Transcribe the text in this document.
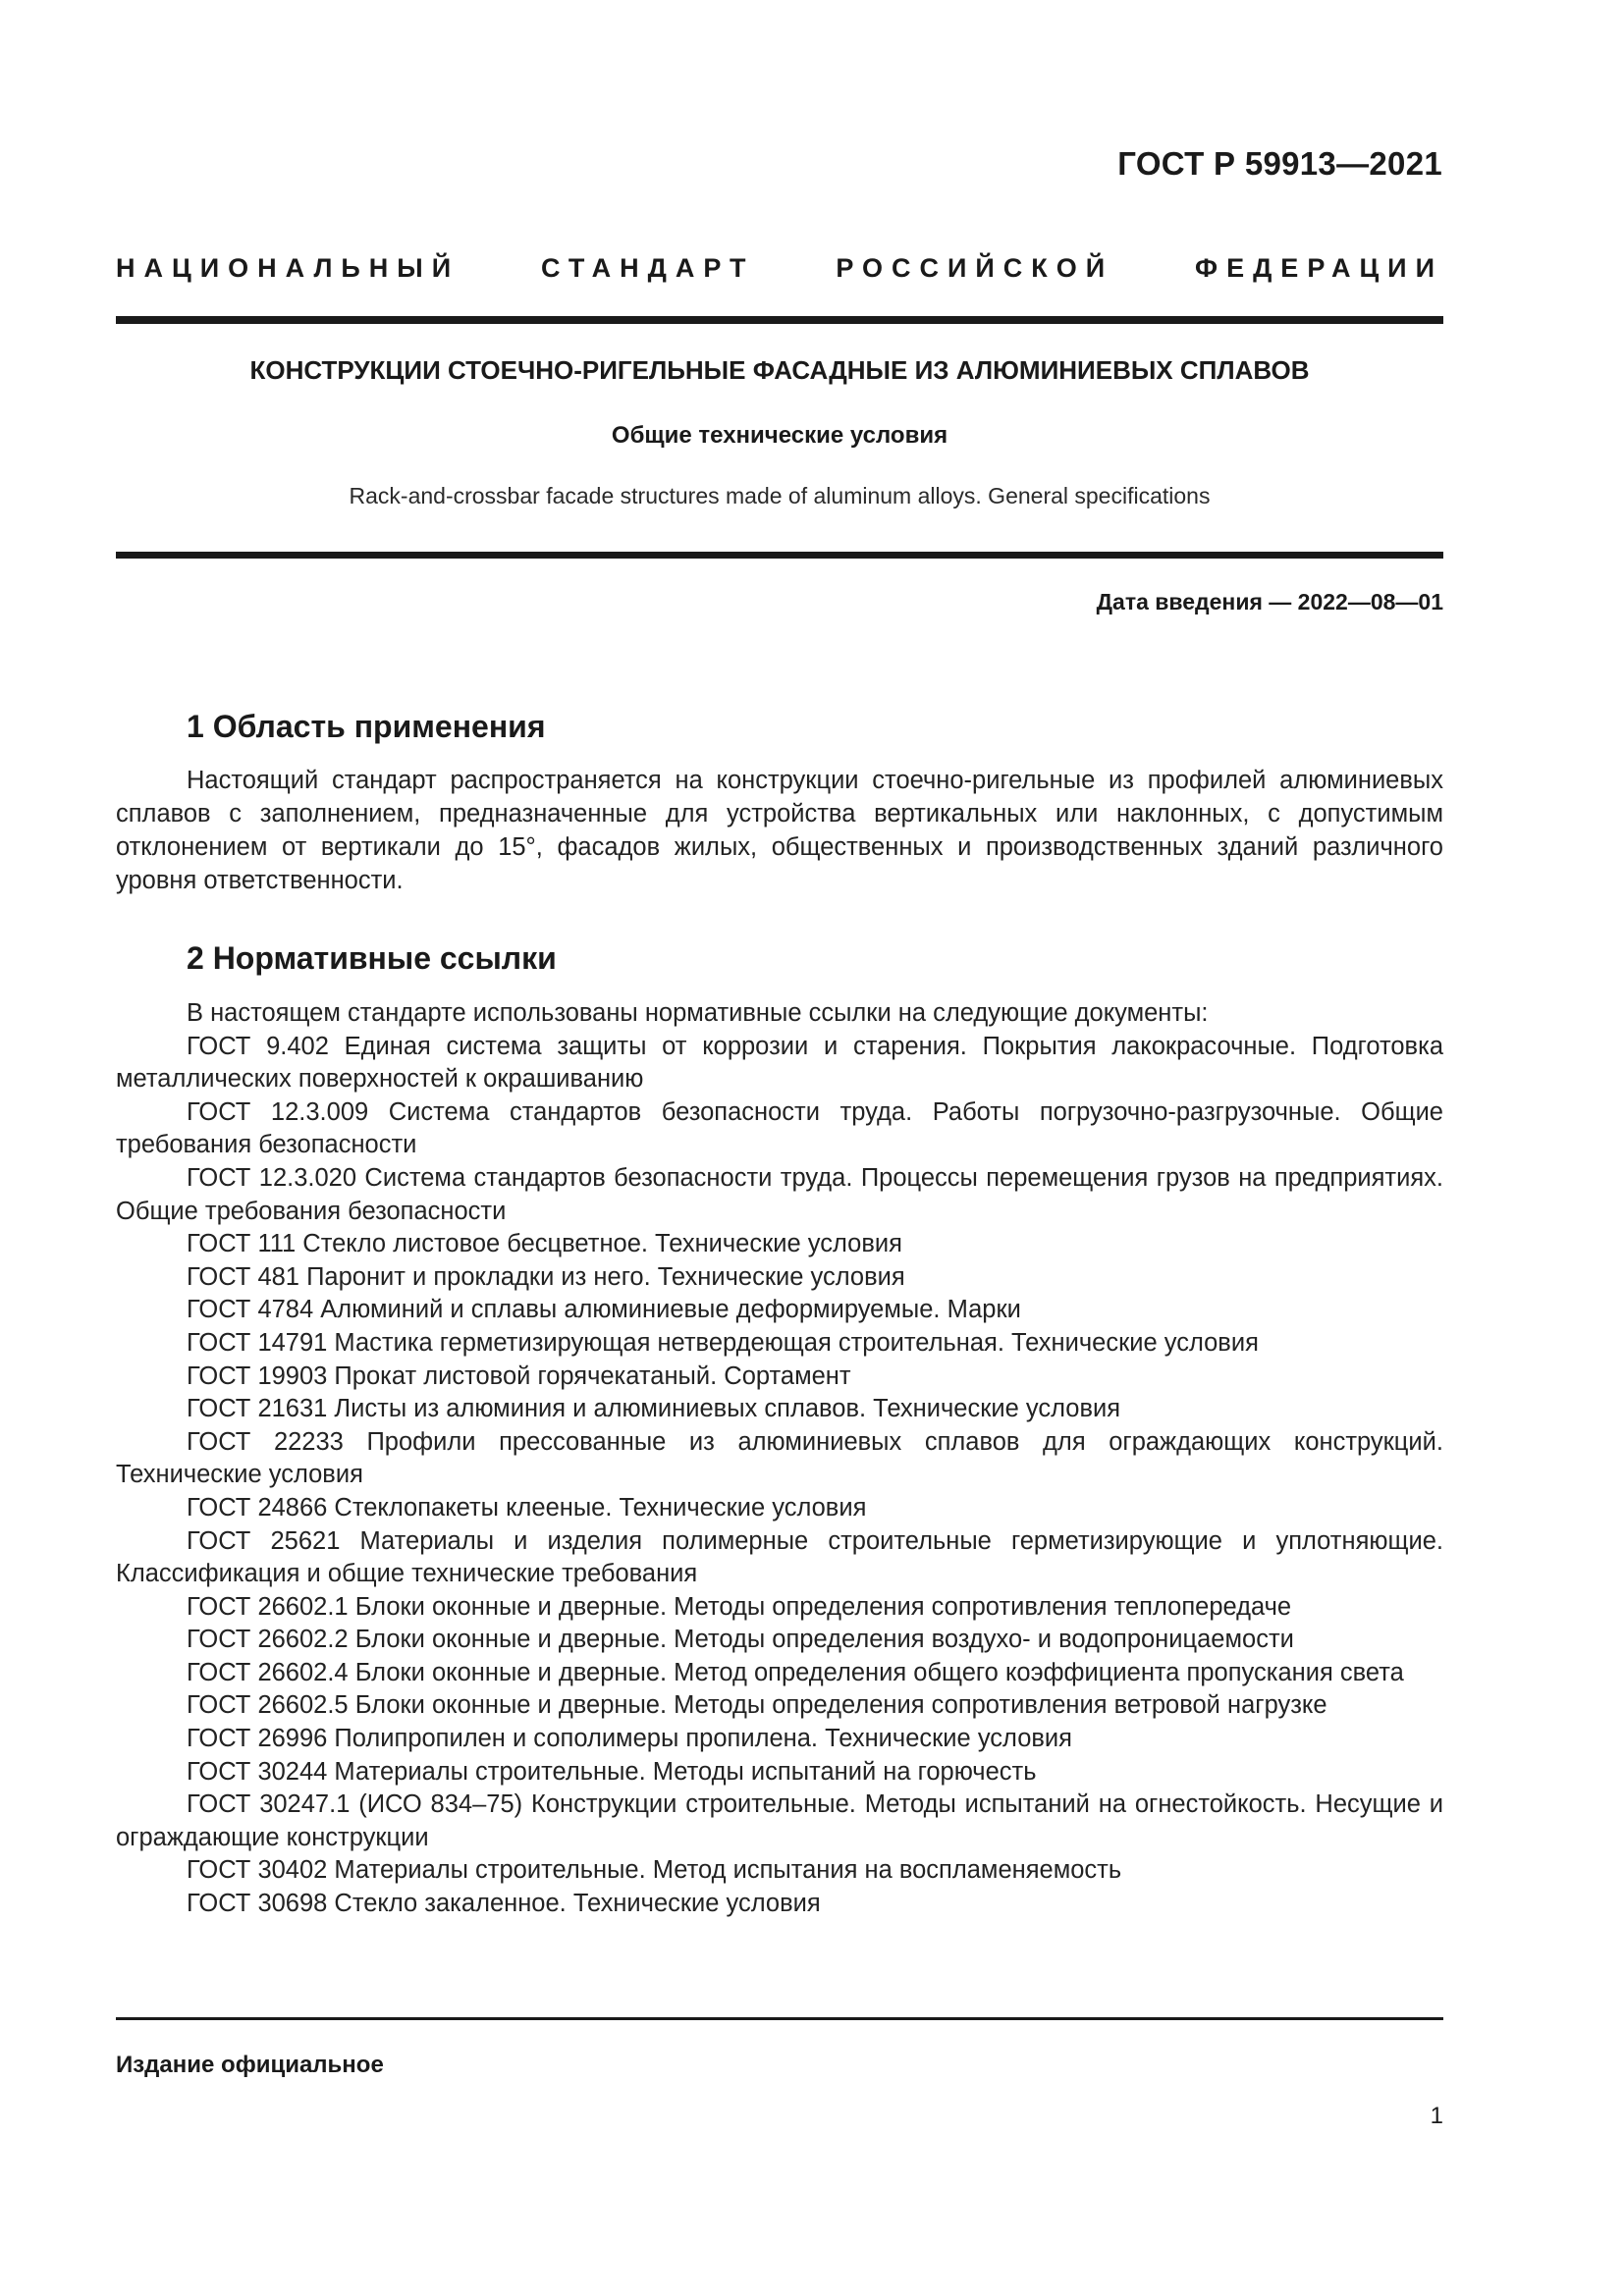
ГОСТ Р 59913—2021
НАЦИОНАЛЬНЫЙ СТАНДАРТ РОССИЙСКОЙ ФЕДЕРАЦИИ
КОНСТРУКЦИИ СТОЕЧНО-РИГЕЛЬНЫЕ ФАСАДНЫЕ ИЗ АЛЮМИНИЕВЫХ СПЛАВОВ
Общие технические условия
Rack-and-crossbar facade structures made of aluminum alloys. General specifications
Дата введения — 2022—08—01
1 Область применения

Настоящий стандарт распространяется на конструкции стоечно-ригельные из профилей алюминиевых сплавов с заполнением, предназначенные для устройства вертикальных или наклонных, с допустимым отклонением от вертикали до 15°, фасадов жилых, общественных и производственных зданий различного уровня ответственности.

2 Нормативные ссылки

В настоящем стандарте использованы нормативные ссылки на следующие документы:

ГОСТ 9.402 Единая система защиты от коррозии и старения. Покрытия лакокрасочные. Подготовка металлических поверхностей к окрашиванию

ГОСТ 12.3.009 Система стандартов безопасности труда. Работы погрузочно-разгрузочные. Общие требования безопасности

ГОСТ 12.3.020 Система стандартов безопасности труда. Процессы перемещения грузов на предприятиях. Общие требования безопасности

ГОСТ 111 Стекло листовое бесцветное. Технические условия

ГОСТ 481 Паронит и прокладки из него. Технические условия

ГОСТ 4784 Алюминий и сплавы алюминиевые деформируемые. Марки

ГОСТ 14791 Мастика герметизирующая нетвердеющая строительная. Технические условия

ГОСТ 19903 Прокат листовой горячекатаный. Сортамент

ГОСТ 21631 Листы из алюминия и алюминиевых сплавов. Технические условия

ГОСТ 22233 Профили прессованные из алюминиевых сплавов для ограждающих конструкций. Технические условия

ГОСТ 24866 Стеклопакеты клееные. Технические условия

ГОСТ 25621 Материалы и изделия полимерные строительные герметизирующие и уплотняющие. Классификация и общие технические требования

ГОСТ 26602.1 Блоки оконные и дверные. Методы определения сопротивления теплопередаче

ГОСТ 26602.2 Блоки оконные и дверные. Методы определения воздухо- и водопроницаемости

ГОСТ 26602.4 Блоки оконные и дверные. Метод определения общего коэффициента пропускания света

ГОСТ 26602.5 Блоки оконные и дверные. Методы определения сопротивления ветровой нагрузке

ГОСТ 26996 Полипропилен и сополимеры пропилена. Технические условия

ГОСТ 30244 Материалы строительные. Методы испытаний на горючесть

ГОСТ 30247.1 (ИСО 834–75) Конструкции строительные. Методы испытаний на огнестойкость. Несущие и ограждающие конструкции

ГОСТ 30402 Материалы строительные. Метод испытания на воспламеняемость

ГОСТ 30698 Стекло закаленное. Технические условия

Издание официальное
1
